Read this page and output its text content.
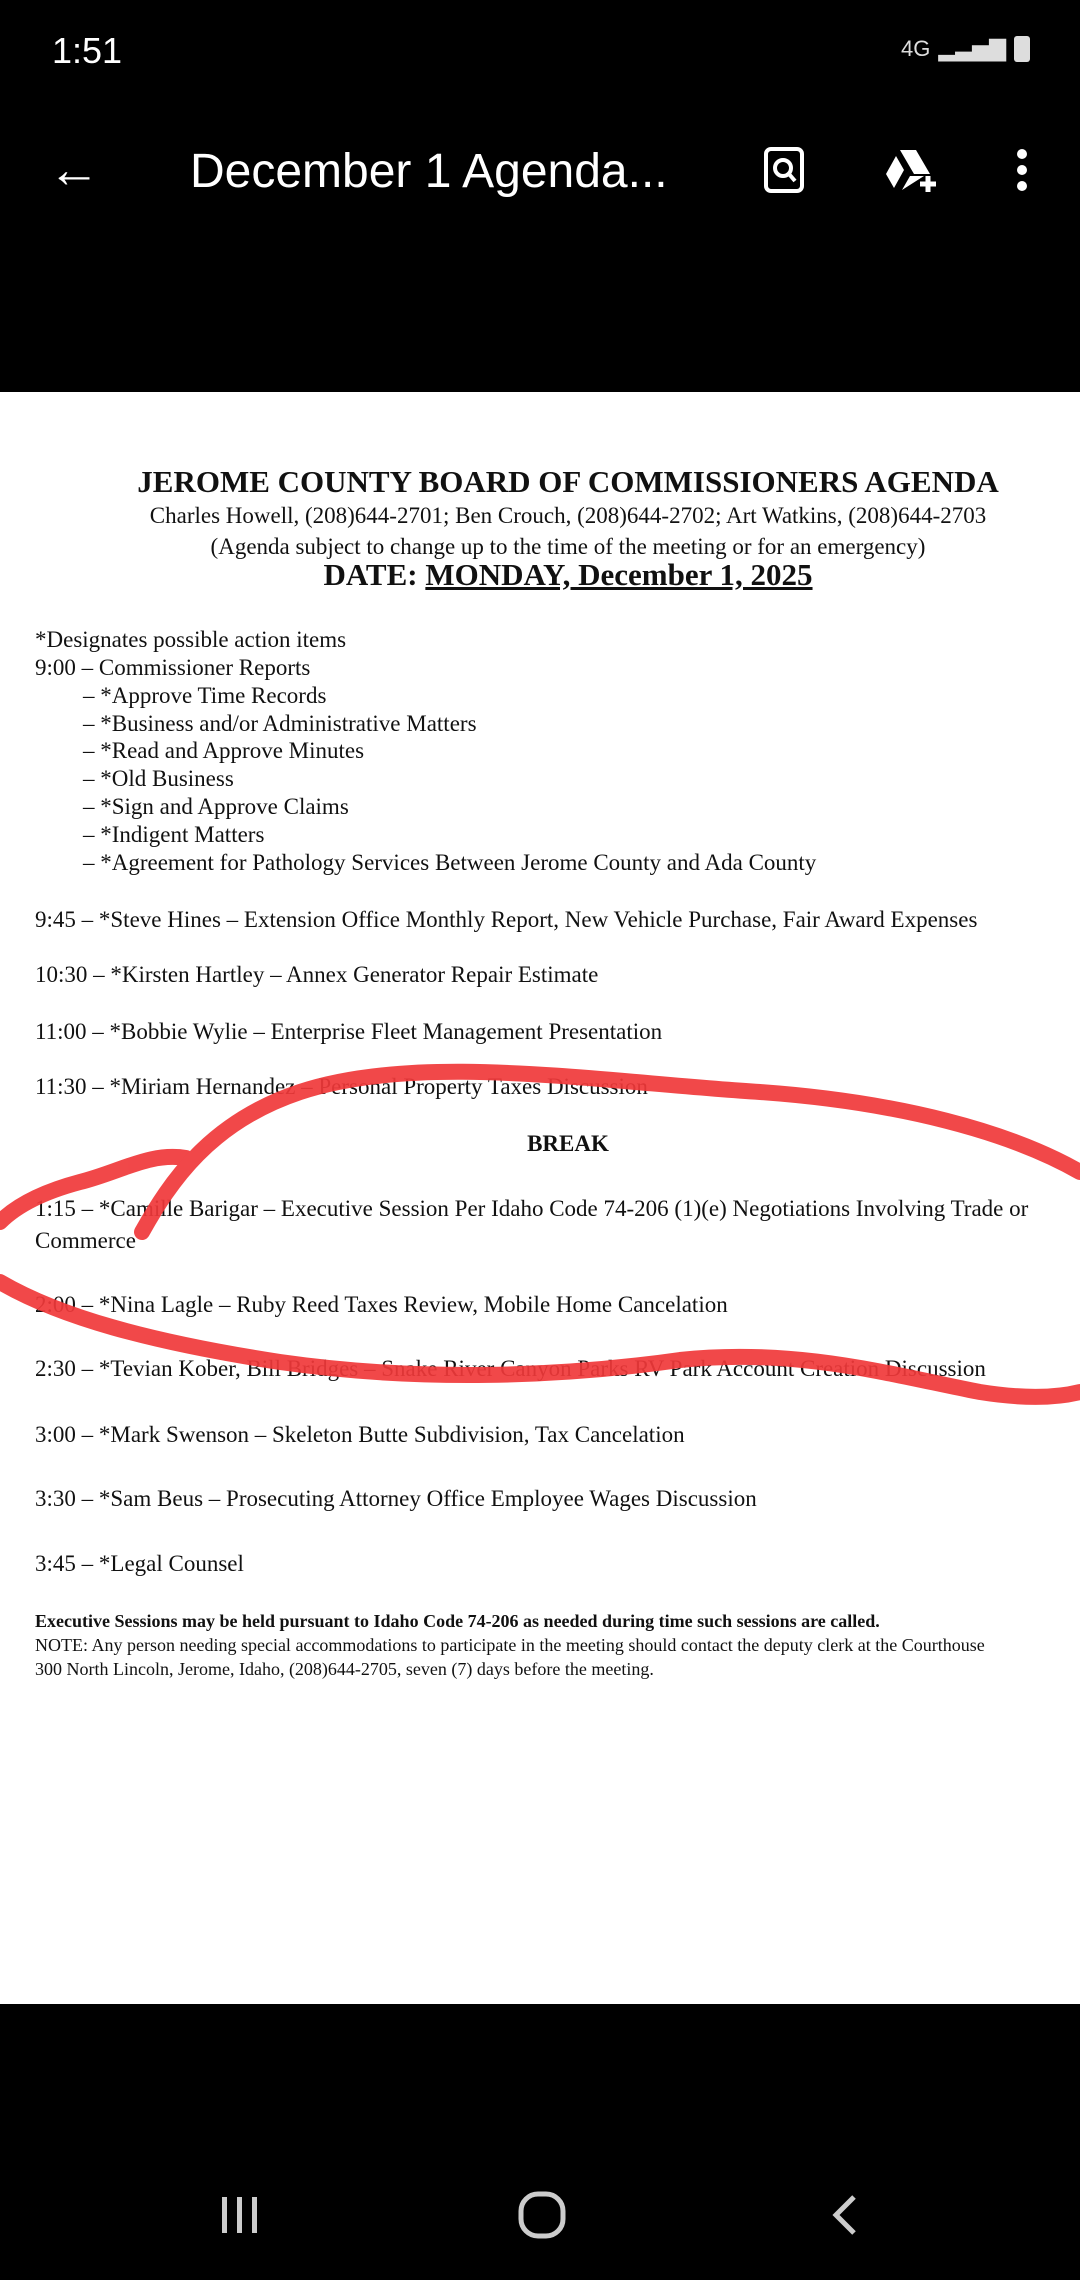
1:51	4G ▂▃▅▇
← December 1 Agenda...
JEROME COUNTY BOARD OF COMMISSIONERS AGENDA
Charles Howell, (208)644-2701; Ben Crouch, (208)644-2702; Art Watkins, (208)644-2703
(Agenda subject to change up to the time of the meeting or for an emergency)
DATE: MONDAY, December 1, 2025
*Designates possible action items
9:00 – Commissioner Reports
– *Approve Time Records
– *Business and/or Administrative Matters
– *Read and Approve Minutes
– *Old Business
– *Sign and Approve Claims
– *Indigent Matters
– *Agreement for Pathology Services Between Jerome County and Ada County
9:45 – *Steve Hines – Extension Office Monthly Report, New Vehicle Purchase, Fair Award Expenses
10:30 – *Kirsten Hartley – Annex Generator Repair Estimate
11:00 – *Bobbie Wylie – Enterprise Fleet Management Presentation
11:30 – *Miriam Hernandez – Personal Property Taxes Discussion
BREAK
1:15 – *Camille Barigar – Executive Session Per Idaho Code 74-206 (1)(e) Negotiations Involving Trade or
Commerce
2:00 – *Nina Lagle – Ruby Reed Taxes Review, Mobile Home Cancelation
2:30 – *Tevian Kober, Bill Bridges – Snake River Canyon Parks RV Park Account Creation Discussion
3:00 – *Mark Swenson – Skeleton Butte Subdivision, Tax Cancelation
3:30 – *Sam Beus – Prosecuting Attorney Office Employee Wages Discussion
3:45 – *Legal Counsel
Executive Sessions may be held pursuant to Idaho Code 74-206 as needed during time such sessions are called.
NOTE: Any person needing special accommodations to participate in the meeting should contact the deputy clerk at the Courthouse
300 North Lincoln, Jerome, Idaho, (208)644-2705, seven (7) days before the meeting.
